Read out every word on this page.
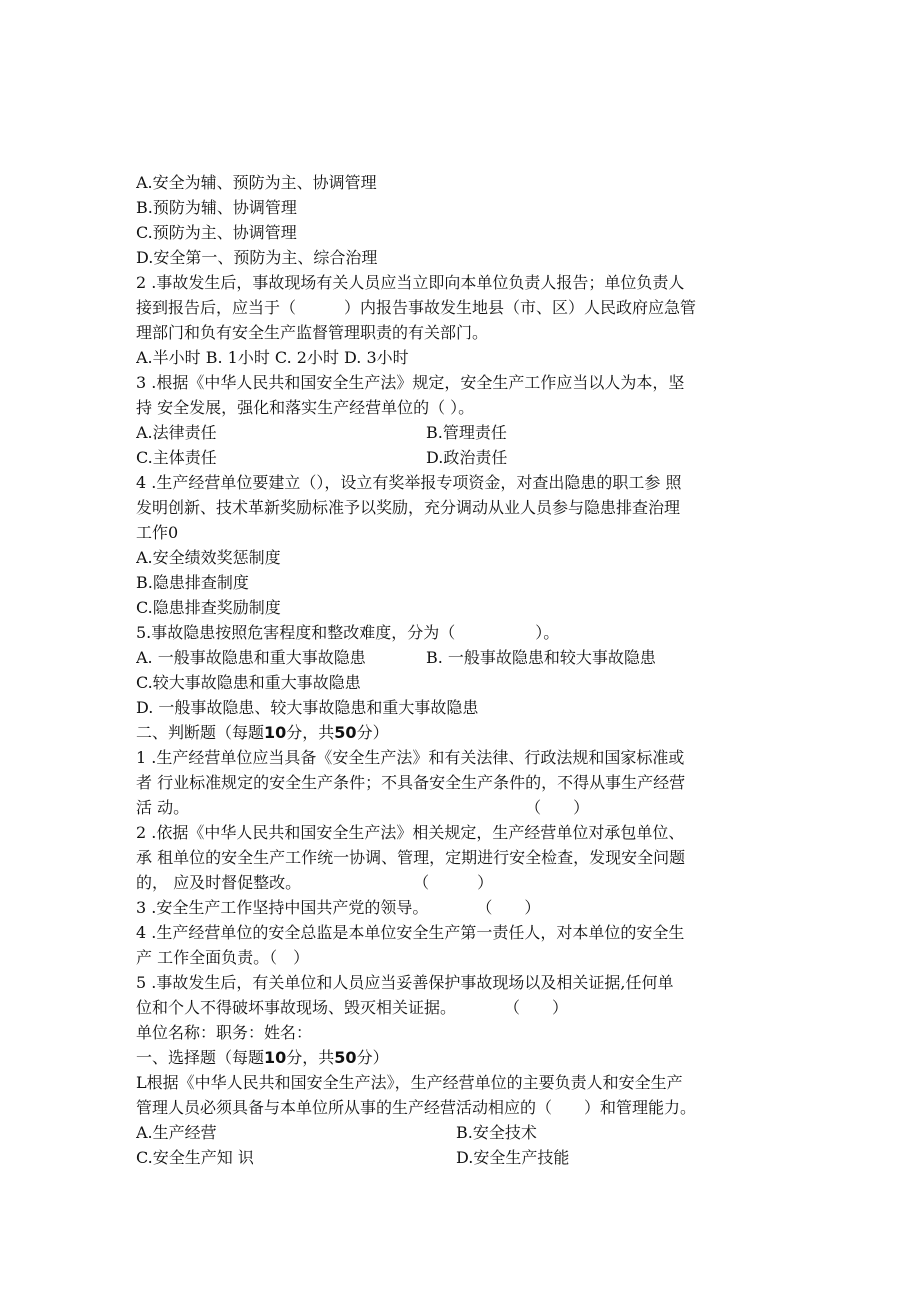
A.安全为辅、预防为主、协调管理
B.预防为辅、协调管理
C.预防为主、协调管理
D.安全第一、预防为主、综合治理
2 .事故发生后，事故现场有关人员应当立即向本单位负责人报告；单位负责人
接到报告后，应当于（　　　）内报告事故发生地县（市、区）人民政府应急管
理部门和负有安全生产监督管理职责的有关部门。
A.半小时 B. 1小时 C. 2小时 D. 3小时
3 .根据《中华人民共和国安全生产法》规定，安全生产工作应当以人为本，坚
持 安全发展，强化和落实生产经营单位的（ ）。
A.法律责任	B.管理责任
C.主体责任	D.政治责任
4 .生产经营单位要建立（），设立有奖举报专项资金，对查出隐患的职工参 照
发明创新、技术革新奖励标准予以奖励，充分调动从业人员参与隐患排查治理
工作0
A.安全绩效奖惩制度
B.隐患排查制度
C.隐患排查奖励制度
5.事故隐患按照危害程度和整改难度，分为（　　　　　）。
A. 一般事故隐患和重大事故隐患	B. 一般事故隐患和较大事故隐患
C.较大事故隐患和重大事故隐患
D. 一般事故隐患、较大事故隐患和重大事故隐患
二、判断题（每题10分，共50分）
1 .生产经营单位应当具备《安全生产法》和有关法律、行政法规和国家标准或
者 行业标准规定的安全生产条件；不具备安全生产条件的，不得从事生产经营
活 动。　　　　　　　　　　　　　　　　　　　　　　（　　）
2 .依据《中华人民共和国安全生产法》相关规定，生产经营单位对承包单位、
承 租单位的安全生产工作统一协调、管理，定期进行安全检查，发现安全问题
的， 应及时督促整改。　　　　　　　　（　　　）
3 .安全生产工作坚持中国共产党的领导。　　　　（　　）
4 .生产经营单位的安全总监是本单位安全生产第一责任人，对本单位的安全生
产 工作全面负责。（　）
5 .事故发生后，有关单位和人员应当妥善保护事故现场以及相关证据,任何单
位和个人不得破坏事故现场、毁灭相关证据。　　　　（　　）
单位名称：职务：姓名：
一、选择题（每题10分，共50分）
L根据《中华人民共和国安全生产法》，生产经营单位的主要负责人和安全生产
管理人员必须具备与本单位所从事的生产经营活动相应的（　　）和管理能力。
A.生产经营	B.安全技术
C.安全生产知 识	D.安全生产技能
